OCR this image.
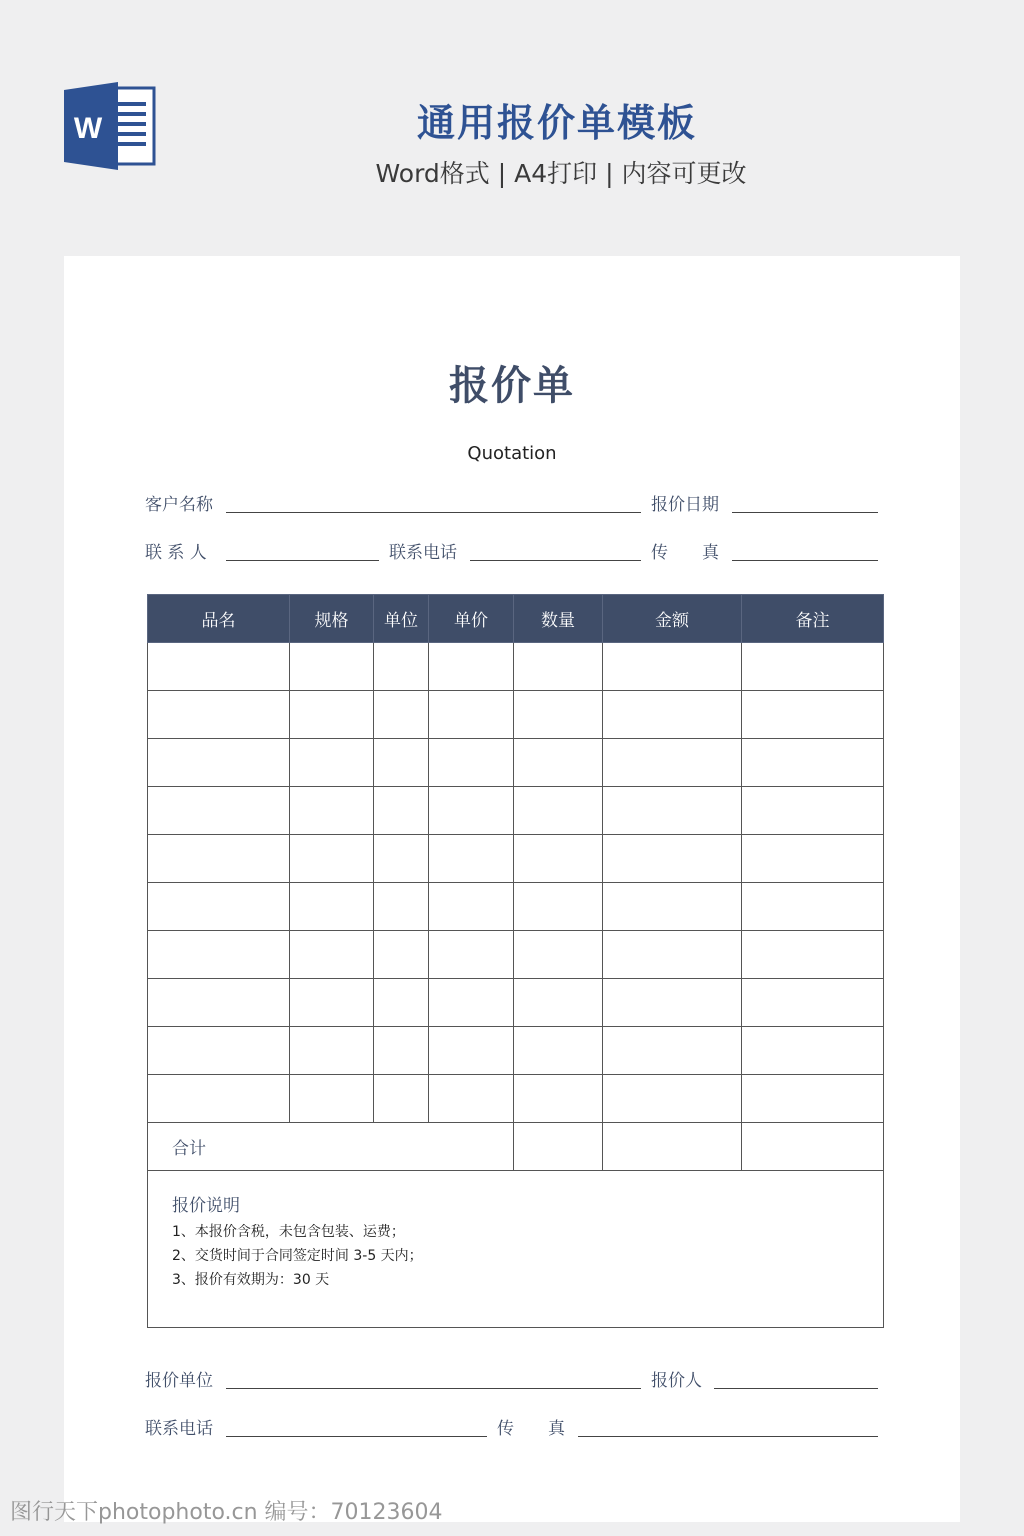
W	通用报价单模板
Word格式 | A4打印 | 内容可更改
报价单
Quotation
客户名称	报价日期
联 系 人	联系电话	传　　真
品名	规格	单位	单价	数量	金额	备注

合计						

报价说明
1、本报价含税，未包含包装、运费；
2、交货时间于合同签定时间 3-5 天内；
3、报价有效期为：30 天						
报价单位	报价人
联系电话	传　　真
图行天下photophoto.cn 编号：70123604
